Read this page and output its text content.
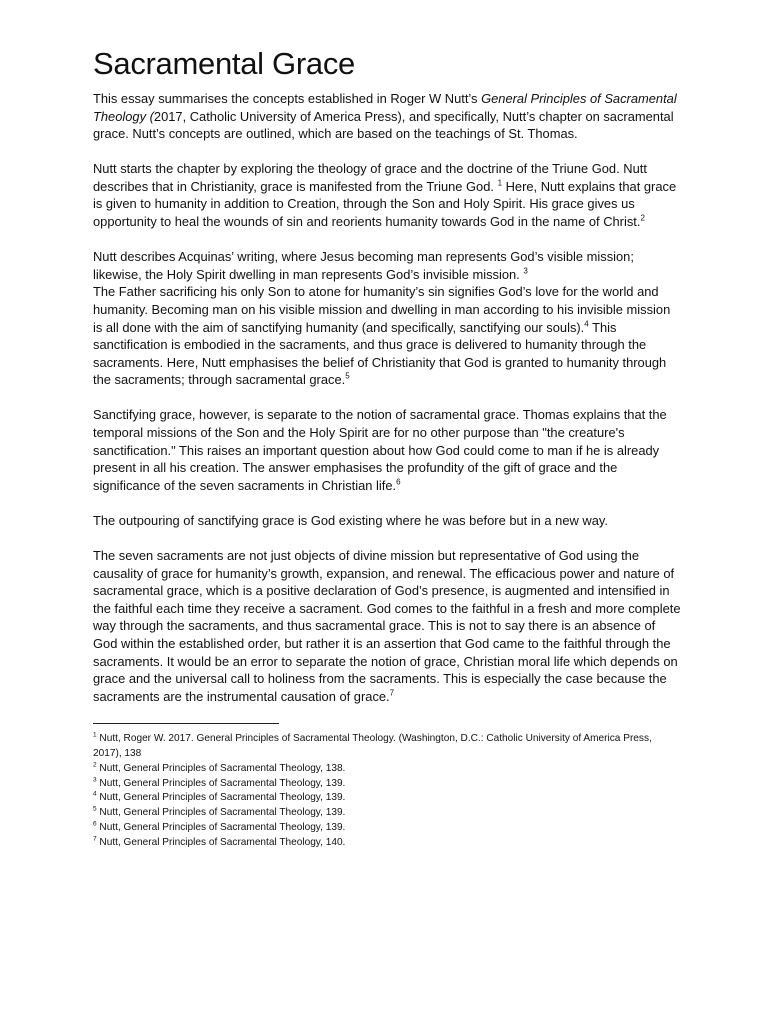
Sacramental Grace

This essay summarises the concepts established in Roger W Nutt’s General Principles of Sacramental Theology (2017, Catholic University of America Press), and specifically, Nutt’s chapter on sacramental grace. Nutt’s concepts are outlined, which are based on the teachings of St. Thomas.

Nutt starts the chapter by exploring the theology of grace and the doctrine of the Triune God. Nutt describes that in Christianity, grace is manifested from the Triune God. $^1$ Here, Nutt explains that grace is given to humanity in addition to Creation, through the Son and Holy Spirit. His grace gives us opportunity to heal the wounds of sin and reorients humanity towards God in the name of Christ.$^2$

Nutt describes Acquinas’ writing, where Jesus becoming man represents God’s visible mission; likewise, the Holy Spirit dwelling in man represents God’s invisible mission. $^3$
The Father sacrificing his only Son to atone for humanity’s sin signifies God’s love for the world and humanity. Becoming man on his visible mission and dwelling in man according to his invisible mission is all done with the aim of sanctifying humanity (and specifically, sanctifying our souls).$^4$ This sanctification is embodied in the sacraments, and thus grace is delivered to humanity through the sacraments. Here, Nutt emphasises the belief of Christianity that God is granted to humanity through the sacraments; through sacramental grace.$^5$

Sanctifying grace, however, is separate to the notion of sacramental grace. Thomas explains that the temporal missions of the Son and the Holy Spirit are for no other purpose than "the creature's sanctification." This raises an important question about how God could come to man if he is already present in all his creation. The answer emphasises the profundity of the gift of grace and the significance of the seven sacraments in Christian life.$^6$

The outpouring of sanctifying grace is God existing where he was before but in a new way.

The seven sacraments are not just objects of divine mission but representative of God using the causality of grace for humanity’s growth, expansion, and renewal. The efficacious power and nature of sacramental grace, which is a positive declaration of God’s presence, is augmented and intensified in the faithful each time they receive a sacrament. God comes to the faithful in a fresh and more complete way through the sacraments, and thus sacramental grace. This is not to say there is an absence of God within the established order, but rather it is an assertion that God came to the faithful through the sacraments. It would be an error to separate the notion of grace, Christian moral life which depends on grace and the universal call to holiness from the sacraments. This is especially the case because the sacraments are the instrumental causation of grace.$^7$

$^1$ Nutt, Roger W. 2017. General Principles of Sacramental Theology. (Washington, D.C.: Catholic University of America Press, 2017), 138

$^2$ Nutt, General Principles of Sacramental Theology, 138.

$^3$ Nutt, General Principles of Sacramental Theology, 139.

$^4$ Nutt, General Principles of Sacramental Theology, 139.

$^5$ Nutt, General Principles of Sacramental Theology, 139.

$^6$ Nutt, General Principles of Sacramental Theology, 139.

$^7$ Nutt, General Principles of Sacramental Theology, 140.
